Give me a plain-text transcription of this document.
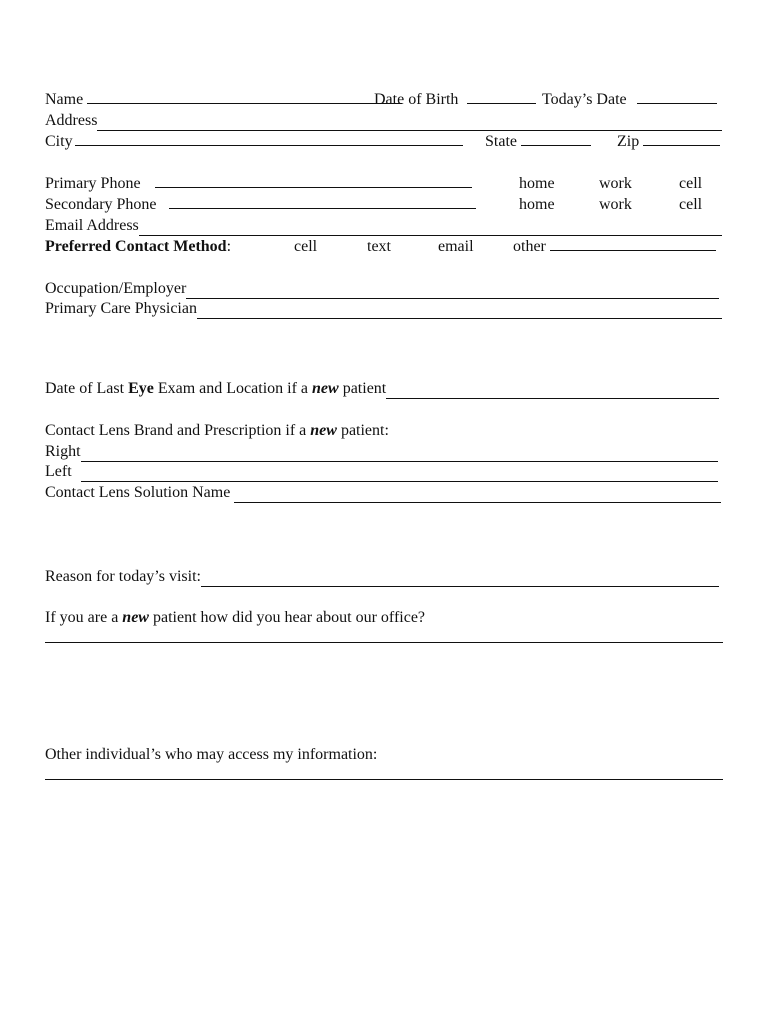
Name	Date of Birth	Today’s Date
Address
City	State	Zip
Primary Phone	home	work	cell
Secondary Phone	home	work	cell
Email Address
Preferred Contact Method:	cell	text	email other
Occupation/Employer
Primary Care Physician
Date of Last Eye Exam and Location if a new patient
Contact Lens Brand and Prescription if a new patient:
Right
Left
Contact Lens Solution Name
Reason for today’s visit:
If you are a new patient how did you hear about our office?
Other individual’s who may access my information:
